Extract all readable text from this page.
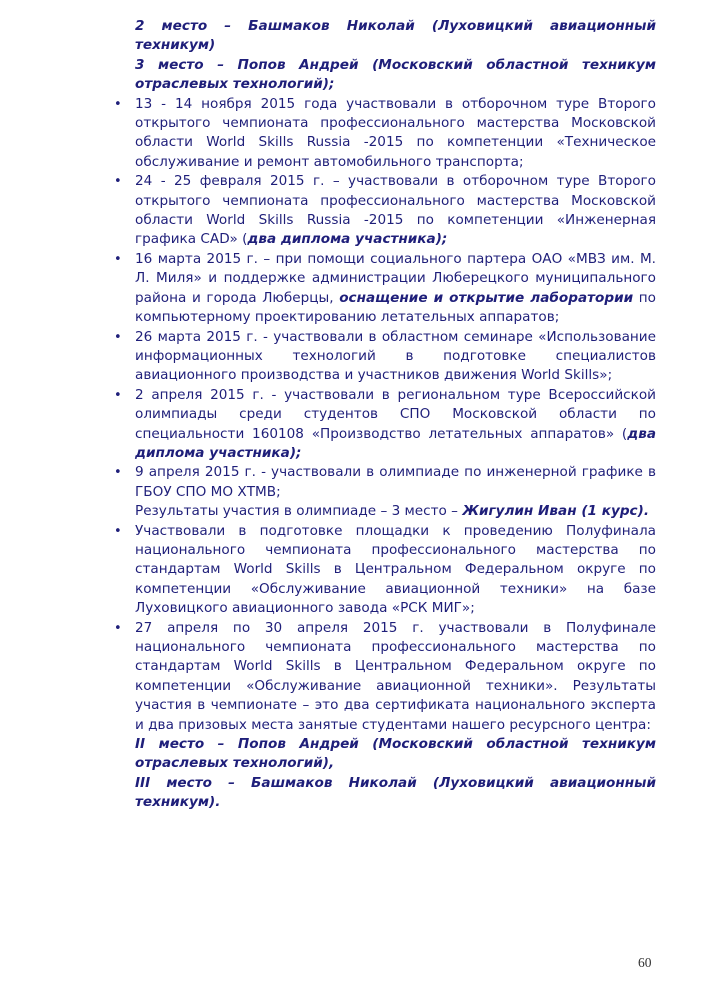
2 место – Башмаков Николай (Луховицкий авиационный техникум)

3 место – Попов Андрей (Московский областной техникум отраслевых технологий);

• 13 - 14 ноября 2015 года участвовали в отборочном туре Второго открытого чемпионата профессионального мастерства Московской области World Skills Russia -2015 по компетенции «Техническое обслуживание и ремонт автомобильного транспорта;

• 24 - 25 февраля 2015 г. – участвовали в отборочном туре Второго открытого чемпионата профессионального мастерства Московской области World Skills Russia -2015 по компетенции «Инженерная графика CAD» (два диплома участника);

• 16 марта 2015 г. – при помощи социального партера ОАО «МВЗ им. М. Л. Миля» и поддержке администрации Люберецкого муниципального района и города Люберцы, оснащение и открытие лаборатории по компьютерному проектированию летательных аппаратов;

• 26 марта 2015 г. - участвовали в областном семинаре «Использование информационных технологий в подготовке специалистов авиационного производства и участников движения World Skills»;

• 2 апреля 2015 г. - участвовали в региональном туре Всероссийской олимпиады среди студентов СПО Московской области по специальности 160108 «Производство летательных аппаратов» (два диплома участника);

• 9 апреля 2015 г. - участвовали в олимпиаде по инженерной графике в ГБОУ СПО МО ХТМВ;

Результаты участия в олимпиаде – 3 место – Жигулин Иван (1 курс).

• Участвовали в подготовке площадки к проведению Полуфинала национального чемпионата профессионального мастерства по стандартам World Skills в Центральном Федеральном округе по компетенции «Обслуживание авиационной техники» на базе Луховицкого авиационного завода «РСК МИГ»;

• 27 апреля по 30 апреля 2015 г. участвовали в Полуфинале национального чемпионата профессионального мастерства по стандартам World Skills в Центральном Федеральном округе по компетенции «Обслуживание авиационной техники». Результаты участия в чемпионате – это два сертификата национального эксперта и два призовых места занятые студентами нашего ресурсного центра:

II место – Попов Андрей (Московский областной техникум отраслевых технологий),

III место – Башмаков Николай (Луховицкий авиационный техникум).

60
